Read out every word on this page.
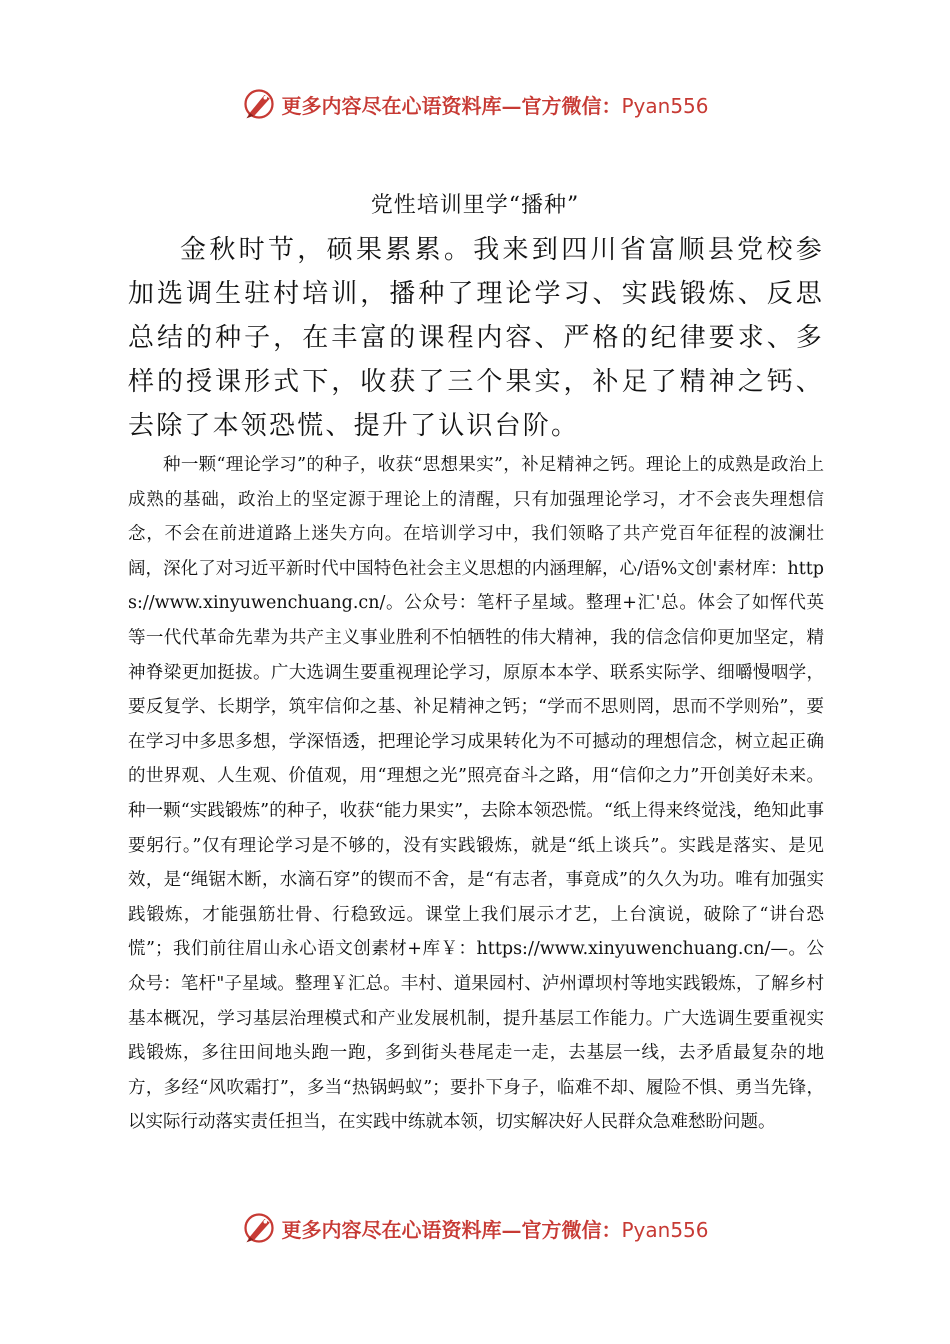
更多内容尽在心语资料库—官方微信：Pyan556
党性培训里学“播种”

金秋时节，硕果累累。我来到四川省富顺县党校参加选调生驻村培训，播种了理论学习、实践锻炼、反思总结的种子，在丰富的课程内容、严格的纪律要求、多样的授课形式下，收获了三个果实，补足了精神之钙、去除了本领恐慌、提升了认识台阶。

种一颗“理论学习”的种子，收获“思想果实”，补足精神之钙。理论上的成熟是政治上成熟的基础，政治上的坚定源于理论上的清醒，只有加强理论学习，才不会丧失理想信念，不会在前进道路上迷失方向。在培训学习中，我们领略了共产党百年征程的波澜壮阔，深化了对习近平新时代中国特色社会主义思想的内涵理解，心/语%文创'素材库：https://www.xinyuwenchuang.cn/。公众号：笔杆子星域。整理+汇'总。体会了如恽代英等一代代革命先辈为共产主义事业胜利不怕牺牲的伟大精神，我的信念信仰更加坚定，精神脊梁更加挺拔。广大选调生要重视理论学习，原原本本学、联系实际学、细嚼慢咽学，要反复学、长期学，筑牢信仰之基、补足精神之钙；“学而不思则罔，思而不学则殆”，要在学习中多思多想，学深悟透，把理论学习成果转化为不可撼动的理想信念，树立起正确的世界观、人生观、价值观，用“理想之光”照亮奋斗之路，用“信仰之力”开创美好未来。种一颗“实践锻炼”的种子，收获“能力果实”，去除本领恐慌。“纸上得来终觉浅，绝知此事要躬行。”仅有理论学习是不够的，没有实践锻炼，就是“纸上谈兵”。实践是落实、是见效，是“绳锯木断，水滴石穿”的锲而不舍，是“有志者，事竟成”的久久为功。唯有加强实践锻炼，才能强筋壮骨、行稳致远。课堂上我们展示才艺，上台演说，破除了“讲台恐慌”；我们前往眉山永心语文创素材+库￥：https://www.xinyuwenchuang.cn/—。公众号：笔杆"子星域。整理￥汇总。丰村、道果园村、泸州谭坝村等地实践锻炼，了解乡村基本概况，学习基层治理模式和产业发展机制，提升基层工作能力。广大选调生要重视实践锻炼，多往田间地头跑一跑，多到街头巷尾走一走，去基层一线，去矛盾最复杂的地方，多经“风吹霜打”，多当“热锅蚂蚁”；要扑下身子，临难不却、履险不惧、勇当先锋，以实际行动落实责任担当，在实践中练就本领，切实解决好人民群众急难愁盼问题。

更多内容尽在心语资料库—官方微信：Pyan556
